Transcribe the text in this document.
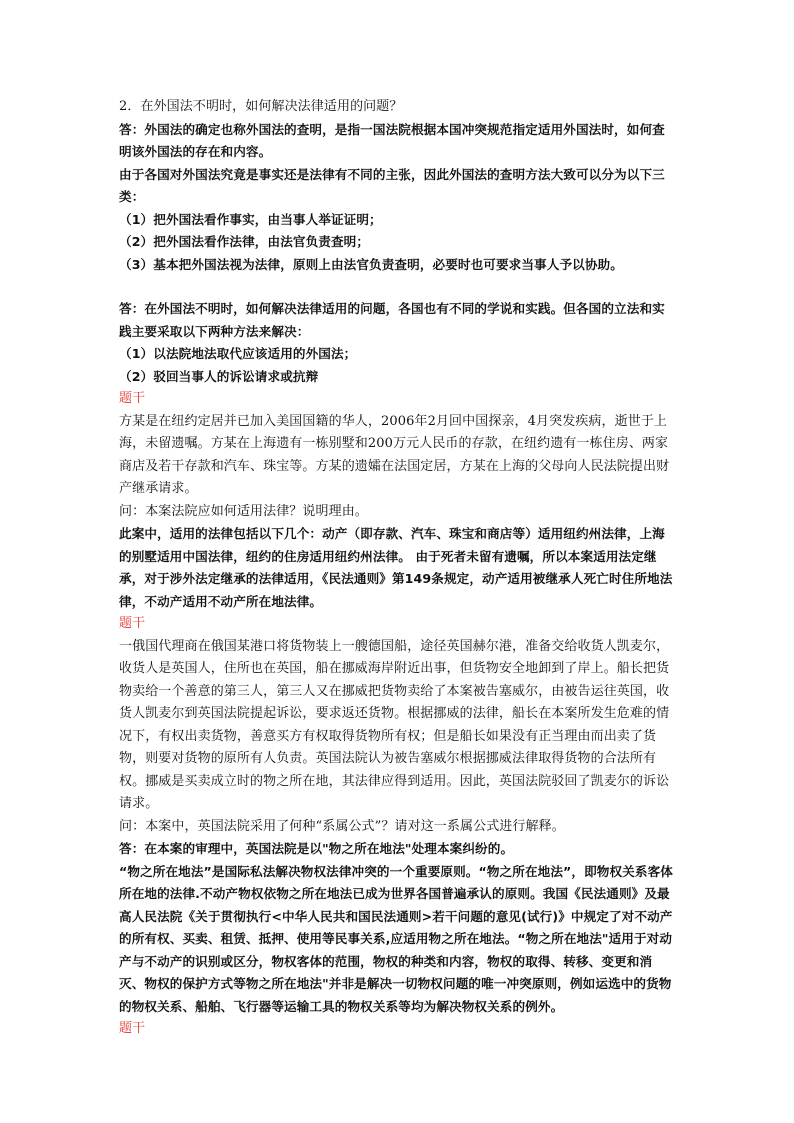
2．在外国法不明时，如何解决法律适用的问题？

答：外国法的确定也称外国法的查明，是指一国法院根据本国冲突规范指定适用外国法时，如何查明该外国法的存在和内容。

由于各国对外国法究竟是事实还是法律有不同的主张，因此外国法的查明方法大致可以分为以下三

类：

（1）把外国法看作事实，由当事人举证证明；

（2）把外国法看作法律，由法官负责查明；

（3）基本把外国法视为法律，原则上由法官负责查明，必要时也可要求当事人予以协助。

答：在外国法不明时，如何解决法律适用的问题，各国也有不同的学说和实践。但各国的立法和实践主要采取以下两种方法来解决：

（1）以法院地法取代应该适用的外国法；

（2）驳回当事人的诉讼请求或抗辩

题干

方某是在纽约定居并已加入美国国籍的华人，2006年2月回中国探亲，4月突发疾病，逝世于上海，未留遗嘱。方某在上海遗有一栋别墅和200万元人民币的存款，在纽约遗有一栋住房、两家商店及若干存款和汽车、珠宝等。方某的遗孀在法国定居，方某在上海的父母向人民法院提出财产继承请求。

问：本案法院应如何适用法律？说明理由。

此案中，适用的法律包括以下几个：动产（即存款、汽车、珠宝和商店等）适用纽约州法律，上海的别墅适用中国法律，纽约的住房适用纽约州法律。 由于死者未留有遗嘱，所以本案适用法定继承，对于涉外法定继承的法律适用，《民法通则》第149条规定，动产适用被继承人死亡时住所地法律，不动产适用不动产所在地法律。

题干

一俄国代理商在俄国某港口将货物装上一艘德国船，途径英国赫尔港，准备交给收货人凯麦尔，收货人是英国人，住所也在英国，船在挪威海岸附近出事，但货物安全地卸到了岸上。船长把货物卖给一个善意的第三人，第三人又在挪威把货物卖给了本案被告塞威尔，由被告运往英国，收货人凯麦尔到英国法院提起诉讼，要求返还货物。根据挪威的法律，船长在本案所发生危难的情况下，有权出卖货物，善意买方有权取得货物所有权；但是船长如果没有正当理由而出卖了货物，则要对货物的原所有人负责。英国法院认为被告塞威尔根据挪威法律取得货物的合法所有权。挪威是买卖成立时的物之所在地，其法律应得到适用。因此，英国法院驳回了凯麦尔的诉讼请求。

问：本案中，英国法院采用了何种“系属公式”？请对这一系属公式进行解释。

答：在本案的审理中，英国法院是以"物之所在地法"处理本案纠纷的。

“物之所在地法”是国际私法解决物权法律冲突的一个重要原则。“物之所在地法”，即物权关系客体所在地的法律.不动产物权依物之所在地法已成为世界各国普遍承认的原则。我国《民法通则》及最高人民法院《关于贯彻执行<中华人民共和国民法通则>若干问题的意见(试行)》中规定了对不动产的所有权、买卖、租赁、抵押、使用等民事关系,应适用物之所在地法。“物之所在地法"适用于对动产与不动产的识别或区分，物权客体的范围，物权的种类和内容，物权的取得、转移、变更和消灭、物权的保护方式等物之所在地法"并非是解决一切物权问题的唯一冲突原则，例如运选中的货物的物权关系、船舶、飞行器等运输工具的物权关系等均为解决物权关系的例外。

题干
